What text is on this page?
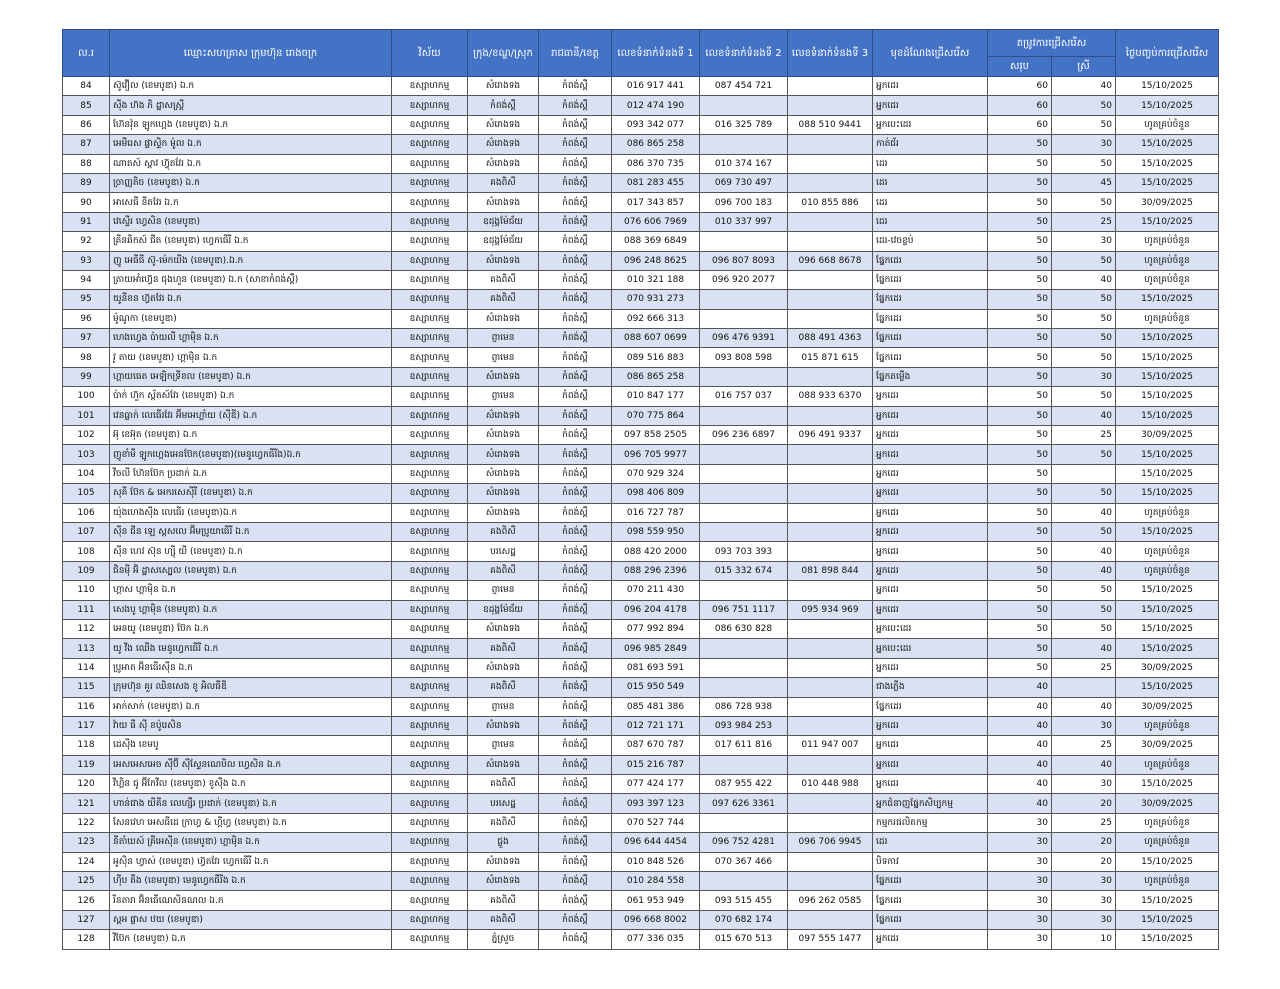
ល.រ	ឈ្មោះសហគ្រាស ក្រុមហ៊ុន រោងចក្រ	វិស័យ	ក្រុង/ខណ្ឌ/ស្រុក	រាជធានី/ខេត្ត	លេខទំនាក់ទំនងទី 1	លេខទំនាក់ទំនងទី 2	លេខទំនាក់ទំនងទី 3	មុខដំណែងជ្រើសរើស	តម្រូវការជ្រើសរើស		ថ្ងៃបញ្ចប់ការជ្រើសរើស
									សរុប	ស្រី	
84	ស៊ូវឿល (ខេមបូឌា) ឯ.ក	ឧស្សាហកម្ម	សំរោងទង	កំពង់ស្ពឺ	016 917 441	087 454 721		អ្នកដេរ	60	40	15/10/2025
85	ស៊ីង ហ៊ង ភិ ដ្ឋាសស្ត្រី	ឧស្សាហកម្ម	កំពង់ស្ពឺ	កំពង់ស្ពឺ	012 474 190			អ្នកដេរ	60	50	15/10/2025
86	ហ៊ែនវ៉ុន ឡូកហ្គេង (ខេមបូឌា) ឯ.ក	ឧស្សាហកម្ម	សំរោងទង	កំពង់ស្ពឺ	093 342 077	016 325 789	088 510 9441	អ្នកបេះដេរ	60	50	ហូតគ្រប់ចំនួន
87	អេមីរេស ផ្លាស្ទិក ម៉ូល ឯ.ក	ឧស្សាហកម្ម	សំរោងទង	កំពង់ស្ពឺ	086 865 258			កាត់ជ័រ	50	30	15/10/2025
88	ណាតស៍ ស្ពាវ ហ៊្វុតវែរ ឯ.ក	ឧស្សាហកម្ម	សំរោងទង	កំពង់ស្ពឺ	086 370 735	010 374 167		ដេរ	50	50	15/10/2025
89	ច្រាញ្ញតិច (ខេមបូឌា) ឯ.ក	ឧស្សាហកម្ម	គងពិសី	កំពង់ស្ពឺ	081 283 455	069 730 497		ដេរ	50	45	15/10/2025
90	អាសេធី នីតវែរ ឯ.ក	ឧស្សាហកម្ម	សំរោងទង	កំពង់ស្ពឺ	017 343 857	096 700 183	010 855 886	ដេរ	50	50	30/09/2025
91	វេស្ទើរ ហ្វេសិន (ខេមបូឌា)	ឧស្សាហកម្ម	ឧដុង្គម៉ែជ័យ	កំពង់ស្ពឺ	076 606 7969	010 337 997		ដេរ	50	25	15/10/2025
92	គ្រីនឆិកស៍ ជីត (ខេមបូឌា) ហ្វេកធើរី ឯ.ក	ឧស្សាហកម្ម	ឧដុង្គម៉ែជ័យ	កំពង់ស្ពឺ	088 369 6849			ដេរ-វេចខ្ចប់	50	30	ហូតគ្រប់ចំនួន
93	ញូ អេធីធី ស៊ូ-ម៉េកឃីង (ខេមបូឌា).ឯ.ក	ឧស្សាហកម្ម	សំរោងទង	កំពង់ស្ពឺ	096 248 8625	096 807 8093	096 668 8678	ផ្នែកដេរ	50	50	ហូតគ្រប់ចំនួន
94	ត្រាយអាំហ៊្វេន ជុងហួន (ខេមបូឌា) ឯ.ក (សាខាកំពង់ស្ពឺ)	ឧស្សាហកម្ម	គងពិសី	កំពង់ស្ពឺ	010 321 188	096 920 2077		ផ្នែកដេរ	50	40	ហូតគ្រប់ចំនួន
95	យូនីខន ហ៊្វតវែរ ឯ.ក	ឧស្សាហកម្ម	គងពិសី	កំពង់ស្ពឺ	070 931 273			ផ្នែកដេរ	50	50	15/10/2025
96	ម៉ូណូកា (ខេមបូឌា)	ឧស្សាហកម្ម	សំរោងទង	កំពង់ស្ពឺ	092 666 313			ផ្នែកដេរ	50	50	ហូតគ្រប់ចំនួន
97	ហេងហ្វេង ប៉ាយលី ហ្គាម៉ិន ឯ.ក	ឧស្សាហកម្ម	ព្ញាមេន	កំពង់ស្ពឺ	088 607 0699	096 476 9391	088 491 4363	ផ្នែកដេរ	50	50	15/10/2025
98	វូ តាយ (ខេមបូឌា) ហ្គាម៉ិន ឯ.ក	ឧស្សាហកម្ម	ព្ញាមេន	កំពង់ស្ពឺ	089 516 883	093 808 598	015 871 615	ផ្នែកដេរ	50	50	15/10/2025
99	ហ្គាយធេត អេឡិកទ្រីខល (ខេមបូឌា) ឯ.ក	ឧស្សាហកម្ម	សំរោងទង	កំពង់ស្ពឺ	086 865 258			ផ្នែកតម្លើង	50	30	15/10/2025
100	ប៉ាក់ ហ៊ួក ស្ព័តស៍វែរ (ខេមបូឌា) ឯ.ក	ឧស្សាហកម្ម	ព្ញាមេន	កំពង់ស្ពឺ	010 847 177	016 757 037	088 933 6370	អ្នកដេរ	50	50	15/10/2025
101	វេនធ្លាក់ លេធើរវែរ អ៊ីមអេហ្គាំយ (ស៊ីឌី) ឯ.ក	ឧស្សាហកម្ម	សំរោងទង	កំពង់ស្ពឺ	070 775 864			អ្នកដេរ	50	40	15/10/2025
102	អ៊ុ ខេអ៊ុត (ខេមបូឌា) ឯ.ក	ឧស្សាហកម្ម	សំរោងទង	កំពង់ស្ពឺ	097 858 2505	096 236 6897	096 491 9337	អ្នកដេរ	50	25	30/09/2025
103	ញូខាំមី ឡូកហ្គេងអេនប៊ែក(ខេមបូឌា)(មេនូហ្វេកធឺរីង)ឯ.ក	ឧស្សាហកម្ម	សំរោងទង	កំពង់ស្ពឺ	096 705 9977			អ្នកដេរ	50	50	15/10/2025
104	វីចលី ហ៊ែនប៊ែក ប្រដាក់ ឯ.ក	ឧស្សាហកម្ម	សំរោងទង	កំពង់ស្ពឺ	070 929 324			អ្នកដេរ	50		15/10/2025
105	សុគី ប៊ែក & អេករសេស៊ីរី (ខេមបូឌា) ឯ.ក	ឧស្សាហកម្ម	សំរោងទង	កំពង់ស្ពឺ	098 406 809			អ្នកដេរ	50	50	15/10/2025
106	យ៉ុងហេងស៊ីង លេធើរ (ខេមបូឌា)ឯ.ក	ឧស្សាហកម្ម	សំរោងទង	កំពង់ស្ពឺ	016 727 787			អ្នកដេរ	50	40	ហូតគ្រប់ចំនួន
107	ស៊ីន ជីន ឡេ ស្ពសលេ អ៊ីមប្រូយាធើរី ឯ.ក	ឧស្សាហកម្ម	គងពិសី	កំពង់ស្ពឺ	098 559 950			អ្នកដេរ	50	50	15/10/2025
108	ស៊ីន ហេវ ស៊ុន ហ្ស៊ី យី (ខេមបូឌា) ឯ.ក	ឧស្សាហកម្ម	បរសេដ្ឋ	កំពង់ស្ពឺ	088 420 2000	093 703 393		អ្នកដេរ	50	40	ហូតគ្រប់ចំនួន
109	ជិនម៉ី អ៊ិ ដ្ឋាសស្ប្លេល (ខេមបូឌា) ឯ.ក	ឧស្សាហកម្ម	គងពិសី	កំពង់ស្ពឺ	088 296 2396	015 332 674	081 898 844	អ្នកដេរ	50	40	ហូតគ្រប់ចំនួន
110	ហ្គាស ហ្គាម៉ិន ឯ.ក	ឧស្សាហកម្ម	ព្ញាមេន	កំពង់ស្ពឺ	070 211 430			អ្នកដេរ	50	50	15/10/2025
111	សេងបូ ហ្គាម៉ិន (ខេមបូឌា) ឯ.ក	ឧស្សាហកម្ម	ឧដុង្គម៉ែជ័យ	កំពង់ស្ពឺ	096 204 4178	096 751 1117	095 934 969	អ្នកដេរ	50	50	15/10/2025
112	អេនយូ (ខេមបូឌា) ប៊ែក ឯ.ក	ឧស្សាហកម្ម	សំរោងទង	កំពង់ស្ពឺ	077 992 894	086 630 828		អ្នកបេះដេរ	50	50	15/10/2025
113	យូ វីង ឈើង មេនូហ្វេកធើរី ឯ.ក	ឧស្សាហកម្ម	គងពិសី	កំពង់ស្ពឺ	096 985 2849			អ្នកបេះដេរ	50	40	15/10/2025
114	ប្រូអាត អ៊ិនធើរស៊ីន ឯ.ក	ឧស្សាហកម្ម	សំរោងទង	កំពង់ស្ពឺ	081 693 591			អ្នកដេរ	50	25	30/09/2025
115	ក្រុមហ៊ុន គួរ ឈិនសេង ខូ អិលធីឌី	ឧស្សាហកម្ម	គងពិសី	កំពង់ស្ពឺ	015 950 549			ជាងភ្លើង	40		15/10/2025
116	អាក់សាក់ (ខេមបូឌា) ឯ.ក	ឧស្សាហកម្ម	ព្ញាមេន	កំពង់ស្ពឺ	085 481 386	086 728 938		ផ្នែកដេរ	40	40	30/09/2025
117	វ៉ាយ ធី ស៊ី ខប៉ូរេសិន	ឧស្សាហកម្ម	សំរោងទង	កំពង់ស្ពឺ	012 721 171	093 984 253		អ្នកដេរ	40	30	ហូតគ្រប់ចំនួន
118	ដេស៊ីង ខេមបូ	ឧស្សាហកម្ម	ព្ញាមេន	កំពង់ស្ពឺ	087 670 787	017 611 816	011 947 007	អ្នកដេរ	40	25	30/09/2025
119	អេសអេសអេច ស៊ីប៊ី ស៊ីស្ទែនណេបិល ហ្វេសិន ឯ.ក	ឧស្សាហកម្ម	សំរោងទង	កំពង់ស្ពឺ	015 216 787			អ្នកដេរ	40	40	ហូតគ្រប់ចំនួន
120	វីហ្គិន ជូ អ៊ីកែវីល (ខេមបូឌា) ខូស៊ីង ឯ.ក	ឧស្សាហកម្ម	គងពិសី	កំពង់ស្ពឺ	077 424 177	087 955 422	010 448 988	អ្នកដេរ	40	30	15/10/2025
121	ហាន់ជាង យីគីន លេហ្សឺរ ប្រដាក់ (ខេមបូឌា) ឯ.ក	ឧស្សាហកម្ម	បរសេដ្ឋ	កំពង់ស្ពឺ	093 397 123	097 626 3361		អ្នកជំនាញផ្នែកសិប្បកម្ម	40	20	30/09/2025
122	សែនវេហ អេសធីដេ ក្រាហ្វ & ហ្គីហ្វ (ខេមបូឌា) ឯ.ក	ឧស្សាហកម្ម	គងពិសី	កំពង់ស្ពឺ	070 527 744			កម្មករផលិតកម្ម	30	25	ហូតគ្រប់ចំនួន
123	នីតាំឃស៍ គ្រីអេស៊ីន (ខេមបូឌា) ហ្គាម៉ិន ឯ.ក	ឧស្សាហកម្ម	ជ្លួង	កំពង់ស្ពឺ	096 644 4454	096 752 4281	096 706 9945	ដេរ	30	20	ហូតគ្រប់ចំនួន
124	អូស៊ិន ហ្វាស់ (ខេមបូឌា) ហ៊្វតវែរ ហ្វេកធើរី ឯ.ក	ឧស្សាហកម្ម	សំរោងទង	កំពង់ស្ពឺ	010 848 526	070 367 466		បិទកាវ	30	20	15/10/2025
125	ហ៊ីប តឹង (ខេមបូឌា) មេនូហ្វេកធឹរីង ឯ.ក	ឧស្សាហកម្ម	សំរោងទង	កំពង់ស្ពឺ	010 284 558			ផ្នែកដេរ	30	30	ហូតគ្រប់ចំនួន
126	រីនតារា អ៊ិនធើណេសិនណល ឯ.ក	ឧស្សាហកម្ម	គងពិសី	កំពង់ស្ពឺ	061 953 949	093 515 455	096 262 0585	ផ្នែកដេរ	30	30	15/10/2025
127	ស្ពអ ផ្លាស ឋយ (ខេមបូឌា)	ឧស្សាហកម្ម	គងពិសី	កំពង់ស្ពឺ	096 668 8002	070 682 174		ផ្នែកដេរ	30	30	15/10/2025
128	វីប៊ែក (ខេមបូឌា) ឯ.ក	ឧស្សាហកម្ម	ភ្នំស្រួច	កំពង់ស្ពឺ	077 336 035	015 670 513	097 555 1477	អ្នកដេរ	30	10	15/10/2025
